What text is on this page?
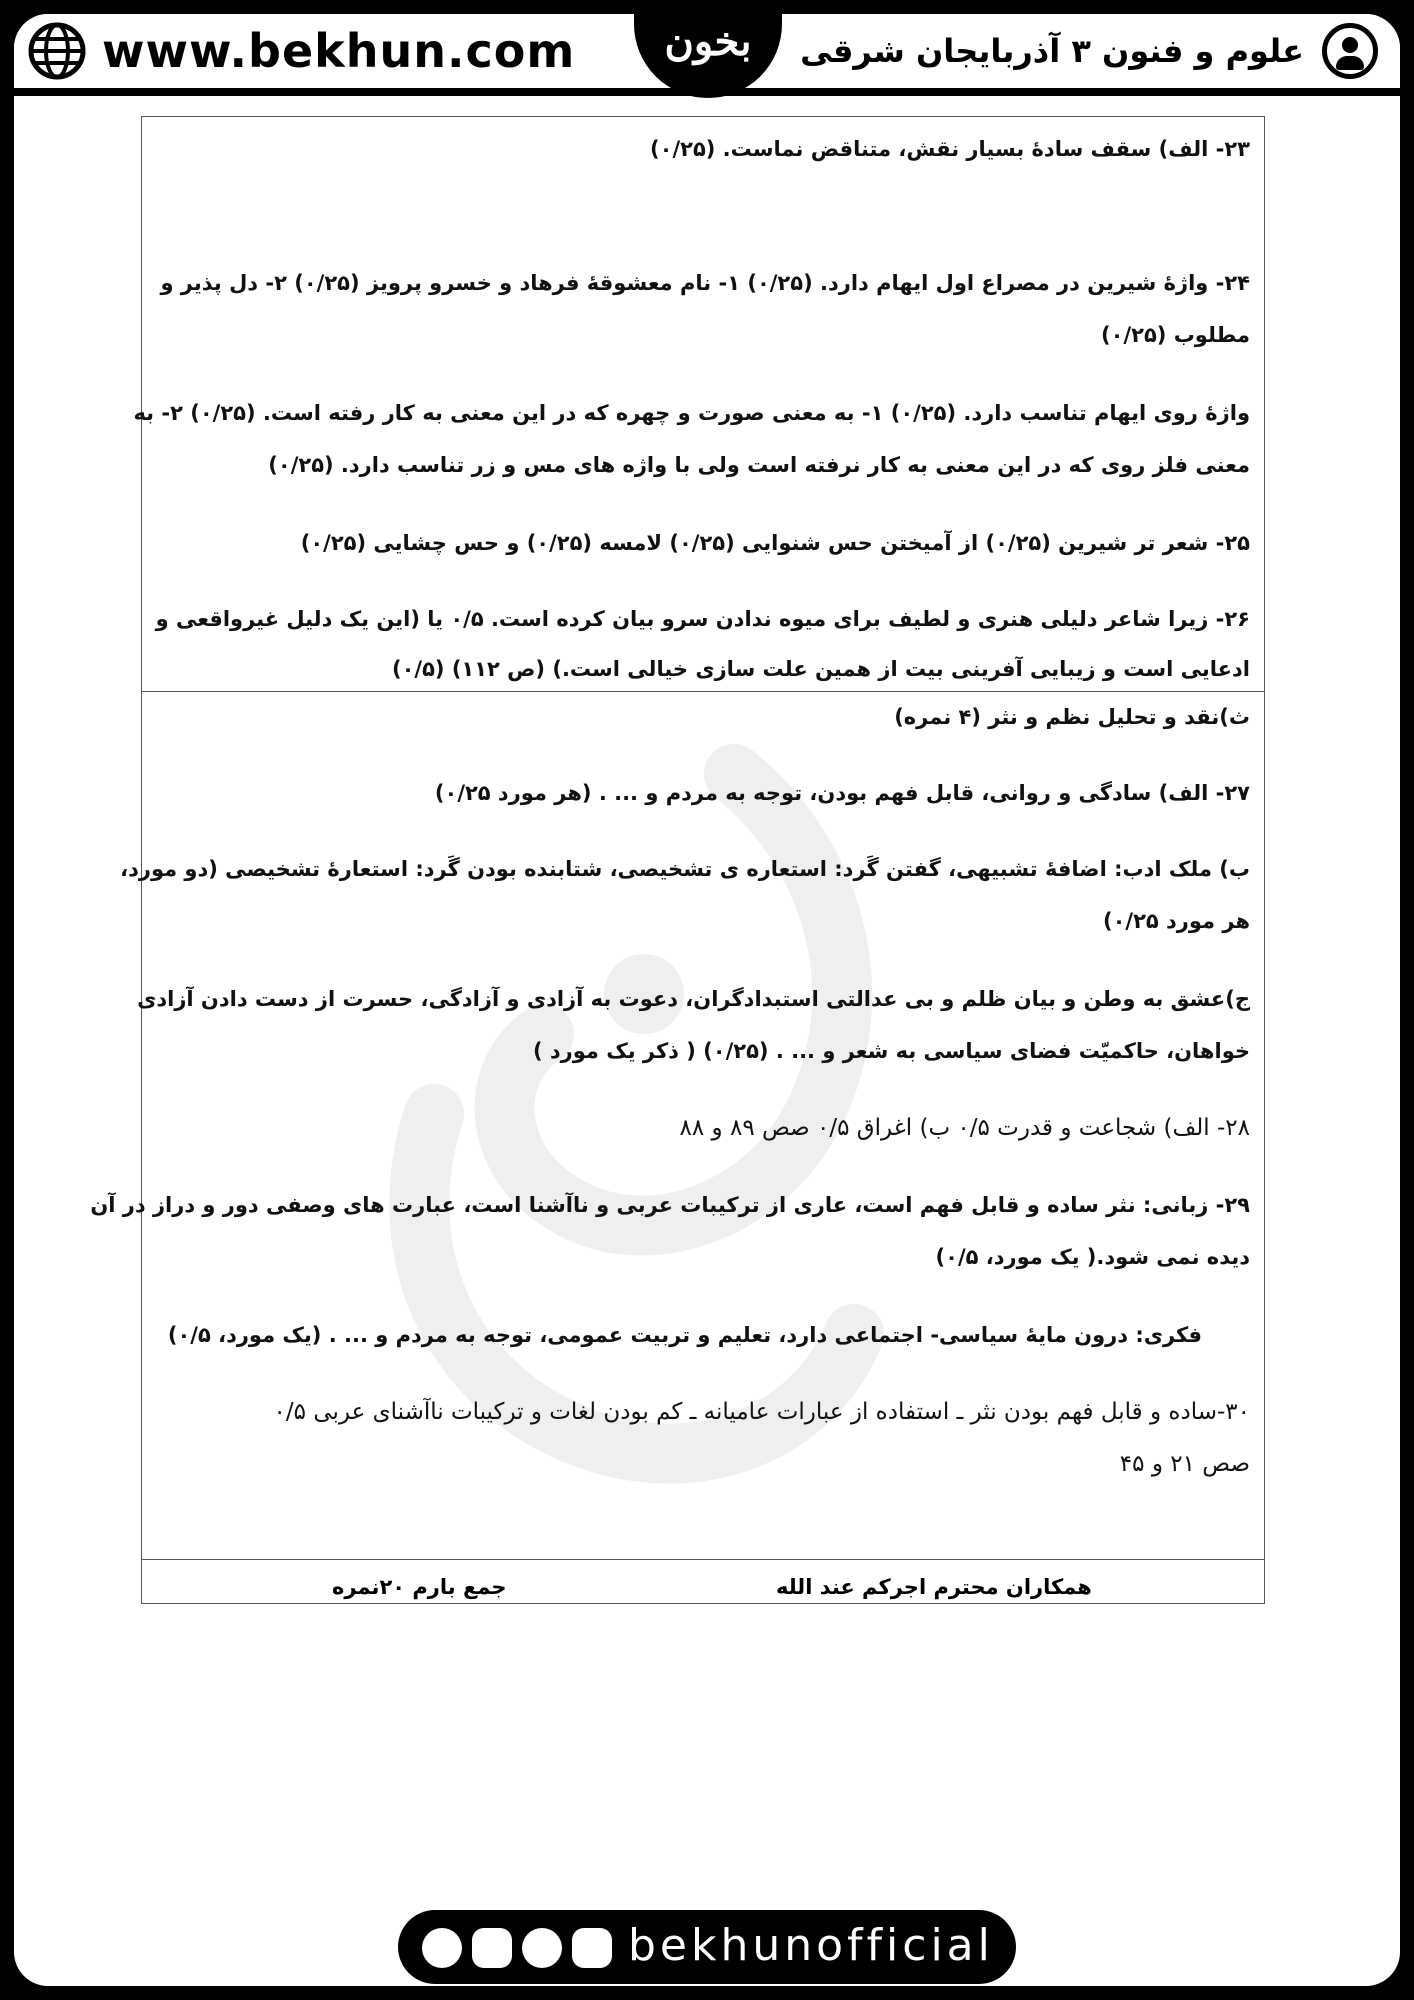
علوم و فنون ۳ آذربایجان شرقی
بخون
www.bekhun.com
۲۳- الف) سقف سادهٔ بسیار نقش، متناقض نماست. (۰/۲۵)
۲۴- واژهٔ شیرین در مصراع اول ایهام دارد. (۰/۲۵) ۱- نام معشوقهٔ فرهاد و خسرو پرویز (۰/۲۵) ۲- دل پذیر و
مطلوب (۰/۲۵)
واژهٔ روی ایهام تناسب دارد. (۰/۲۵) ۱- به معنی صورت و چهره که در این معنی به کار رفته است. (۰/۲۵) ۲- به
معنی فلز روی که در این معنی به کار نرفته است ولی با واژه های مس و زر تناسب دارد. (۰/۲۵)
۲۵- شعر تر شیرین (۰/۲۵) از آمیختن حس شنوایی (۰/۲۵) لامسه (۰/۲۵) و حس چشایی (۰/۲۵)
۲۶- زیرا شاعر دلیلی هنری و لطیف برای میوه ندادن سرو بیان کرده است. ۰/۵ یا (این یک دلیل غیرواقعی و
ادعایی است و زیبایی آفرینی بیت از همین علت سازی خیالی است.) (ص ۱۱۲) (۰/۵)
ث)نقد و تحلیل نظم و نثر (۴ نمره)
۲۷- الف) سادگی و روانی، قابل فهم بودن، توجه به مردم و ... . (هر مورد ۰/۲۵)
ب) ملک ادب: اضافهٔ تشبیهی، گفتن گَرد: استعاره ی تشخیصی، شتابنده بودن گَرد: استعارهٔ تشخیصی (دو مورد،
هر مورد ۰/۲۵)
ج)عشق به وطن و بیان ظلم و بی عدالتی استبدادگران، دعوت به آزادی و آزادگی، حسرت از دست دادن آزادی
خواهان، حاکمیّت فضای سیاسی به شعر و ... . (۰/۲۵) ( ذکر یک مورد )
۲۸- الف) شجاعت و قدرت ۰/۵ ب) اغراق ۰/۵ صص ۸۹ و ۸۸
۲۹- زبانی: نثر ساده و قابل فهم است، عاری از ترکیبات عربی و ناآشنا است، عبارت های وصفی دور و دراز در آن
دیده نمی شود.( یک مورد، ۰/۵)
فکری: درون مایهٔ سیاسی- اجتماعی دارد، تعلیم و تربیت عمومی، توجه به مردم و ... . (یک مورد، ۰/۵)
۳۰-ساده و قابل فهم بودن نثر ـ استفاده از عبارات عامیانه ـ کم بودن لغات و ترکیبات ناآشنای عربی ۰/۵
صص ۲۱ و ۴۵
جمع بارم ۲۰نمره	همکاران محترم اجرکم عند الله
bekhunofficial
